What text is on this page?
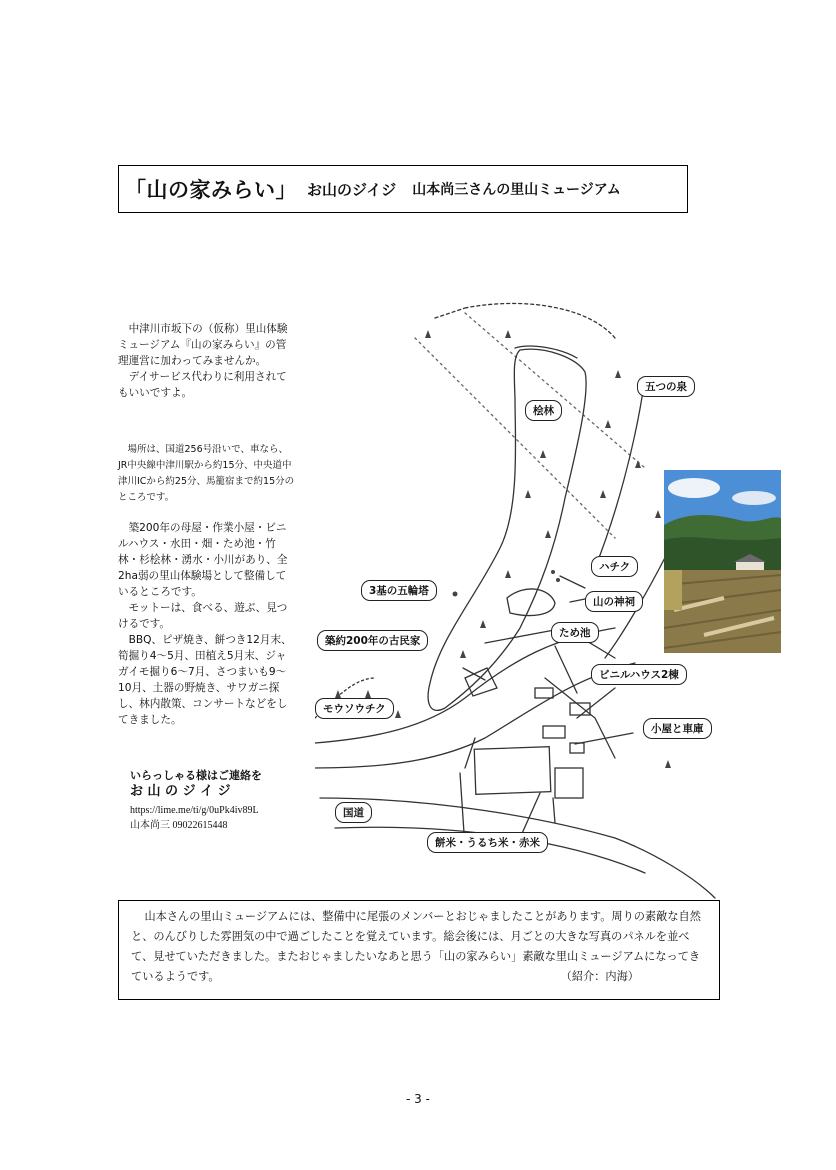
「山の家みらい」 お山のジイジ 山本尚三さんの里山ミュージアム

中津川市坂下の（仮称）里山体験ミュージアム『山の家みらい』の管理運営に加わってみませんか。

デイサービス代わりに利用されてもいいですよ。

場所は、国道256号沿いで、車なら、JR中央線中津川駅から約15分、中央道中津川ICから約25分、馬籠宿まで約15分のところです。

築200年の母屋・作業小屋・ビニルハウス・水田・畑・ため池・竹林・杉桧林・湧水・小川があり、全2ha弱の里山体験場として整備しているところです。

モットーは、食べる、遊ぶ、見つけるです。

BBQ、ピザ焼き、餅つき12月末、筍掘り4～5月、田植え5月末、ジャガイモ掘り6～7月、さつまいも9～10月、土器の野焼き、サワガニ探し、林内散策、コンサートなどをしてきました。

いらっしゃる様はご連絡を
お 山 の ジ イ ジ
https://lime.me/ti/g/0uPk4iv89L
山本尚三 09022615448
五つの泉
桧林
ハチク
3基の五輪塔
山の神祠
ため池
築約200年の古民家
ビニルハウス2棟
モウソウチク
小屋と車庫
国道
餅米・うるち米・赤米

山本さんの里山ミュージアムには、整備中に尾張のメンバーとおじゃましたことがあります。周りの素敵な自然と、のんびりした雰囲気の中で過ごしたことを覚えています。総会後には、月ごとの大きな写真のパネルを並べて、見せていただきました。またおじゃましたいなあと思う「山の家みらい」素敵な里山ミュージアムになってきているようです。	（紹介：内海）

- 3 -
